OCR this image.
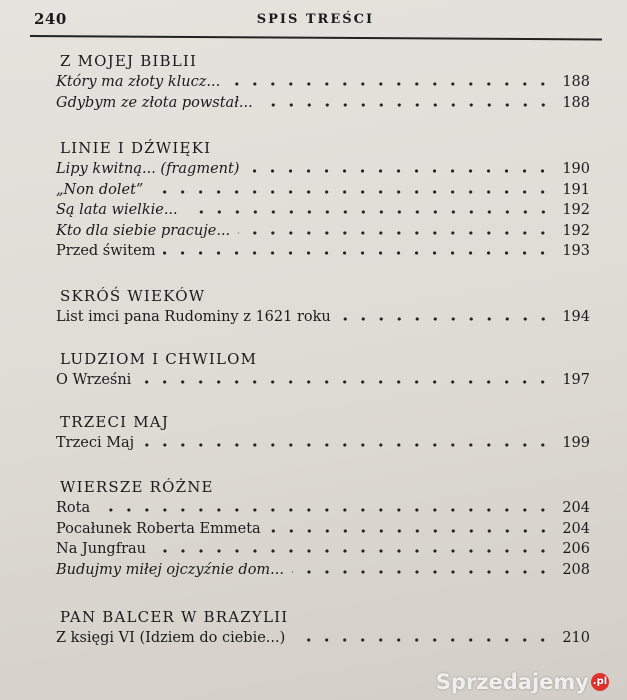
240	SPIS TREŚCI
Z MOJEJ BIBLII
Który ma złoty klucz...	188
Gdybym ze złota powstał...	188
LINIE I DŹWIĘKI
Lipy kwitną... (fragment)	190
„Non dolet”	191
Są lata wielkie...	192
Kto dla siebie pracuje...	192
Przed świtem	193
SKRÓŚ WIEKÓW
List imci pana Rudominy z 1621 roku	194
LUDZIOM I CHWILOM
O Wrześni	197
TRZECI MAJ
Trzeci Maj	199
WIERSZE RÓŻNE
Rota	204
Pocałunek Roberta Emmeta	204
Na Jungfrau	206
Budujmy miłej ojczyźnie dom...	208
PAN BALCER W BRAZYLII
Z księgi VI (Idziem do ciebie...)	210
Sprzedajemy .pl
